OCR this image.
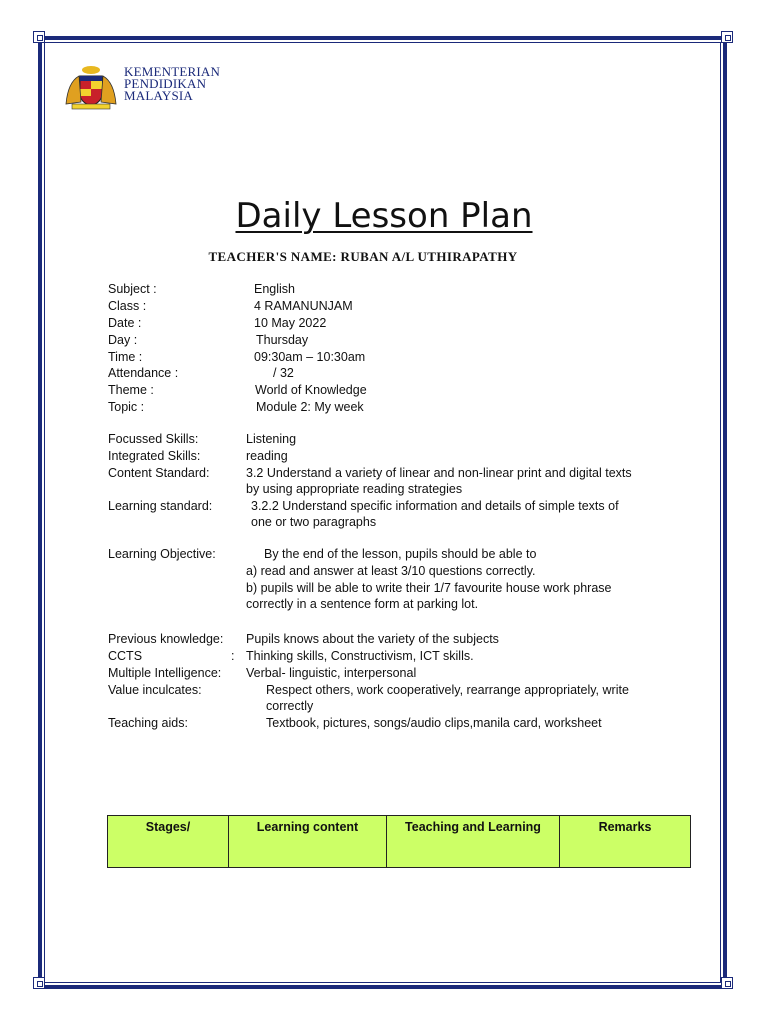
KEMENTERIAN
PENDIDIKAN
MALAYSIA
Daily Lesson Plan
TEACHER'S NAME: RUBAN A/L UTHIRAPATHY
Subject :	English
Class :	4 RAMANUNJAM
Date :	10 May 2022
Day :	Thursday
Time :	09:30am – 10:30am
Attendance :	/ 32
Theme :	World of Knowledge
Topic :	Module 2: My week
Focussed Skills:	Listening
Integrated Skills:	reading
Content Standard:	3.2 Understand a variety of linear and non-linear print and digital texts
by using appropriate reading strategies
Learning standard:	3.2.2 Understand specific information and details of simple texts of
one or two paragraphs
Learning Objective:	By the end of the lesson, pupils should be able to
a) read and answer at least 3/10 questions correctly.
b) pupils will be able to write their 1/7 favourite house work phrase
correctly in a sentence form at parking lot.
Previous knowledge: Pupils knows about the variety of the subjects
CCTS	: Thinking skills, Constructivism, ICT skills.
Multiple Intelligence: Verbal- linguistic, interpersonal
Value inculcates:	Respect others, work cooperatively, rearrange appropriately, write
correctly
Teaching aids:	Textbook, pictures, songs/audio clips,manila card, worksheet
Stages/	Learning content	Teaching and Learning	Remarks
